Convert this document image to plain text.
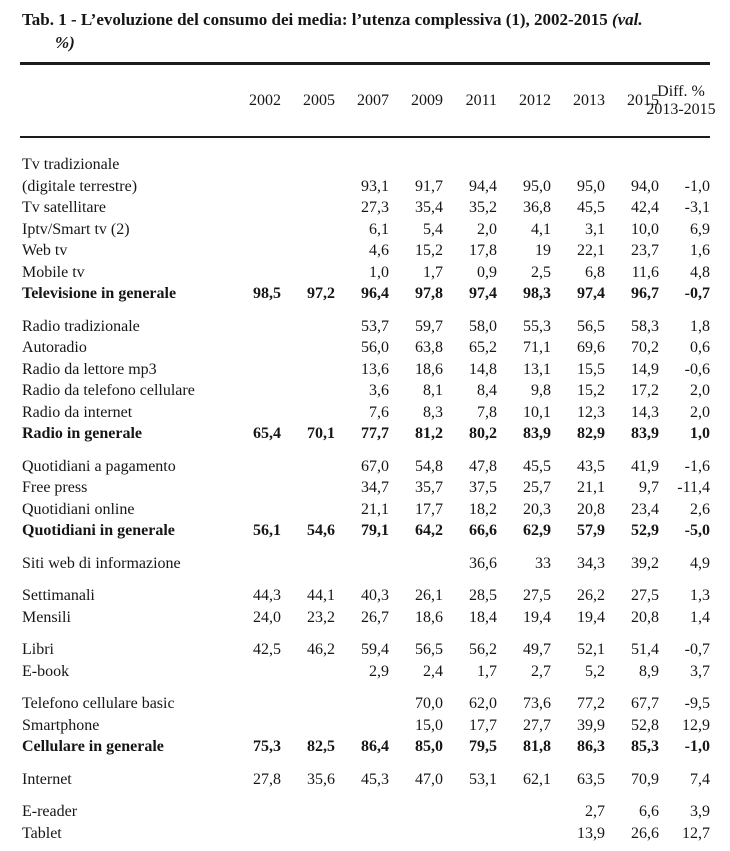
Tab. 1 - L’evoluzione del consumo dei media: l’utenza complessiva (1), 2002-2015 (val.
%)
	2002	2005	2007	2009	2011	2012	2013	2015	Diff. %
2013-2015

Tv tradizionale									
(digitale terrestre)			93,1	91,7	94,4	95,0	95,0	94,0	-1,0
Tv satellitare			27,3	35,4	35,2	36,8	45,5	42,4	-3,1
Iptv/Smart tv (2)			6,1	5,4	2,0	4,1	3,1	10,0	6,9
Web tv			4,6	15,2	17,8	19	22,1	23,7	1,6
Mobile tv			1,0	1,7	0,9	2,5	6,8	11,6	4,8
Televisione in generale	98,5	97,2	96,4	97,8	97,4	98,3	97,4	96,7	-0,7

Radio tradizionale			53,7	59,7	58,0	55,3	56,5	58,3	1,8
Autoradio			56,0	63,8	65,2	71,1	69,6	70,2	0,6
Radio da lettore mp3			13,6	18,6	14,8	13,1	15,5	14,9	-0,6
Radio da telefono cellulare			3,6	8,1	8,4	9,8	15,2	17,2	2,0
Radio da internet			7,6	8,3	7,8	10,1	12,3	14,3	2,0
Radio in generale	65,4	70,1	77,7	81,2	80,2	83,9	82,9	83,9	1,0

Quotidiani a pagamento			67,0	54,8	47,8	45,5	43,5	41,9	-1,6
Free press			34,7	35,7	37,5	25,7	21,1	9,7	-11,4
Quotidiani online			21,1	17,7	18,2	20,3	20,8	23,4	2,6
Quotidiani in generale	56,1	54,6	79,1	64,2	66,6	62,9	57,9	52,9	-5,0

Siti web di informazione					36,6	33	34,3	39,2	4,9

Settimanali	44,3	44,1	40,3	26,1	28,5	27,5	26,2	27,5	1,3
Mensili	24,0	23,2	26,7	18,6	18,4	19,4	19,4	20,8	1,4

Libri	42,5	46,2	59,4	56,5	56,2	49,7	52,1	51,4	-0,7
E-book			2,9	2,4	1,7	2,7	5,2	8,9	3,7

Telefono cellulare basic				70,0	62,0	73,6	77,2	67,7	-9,5
Smartphone				15,0	17,7	27,7	39,9	52,8	12,9
Cellulare in generale	75,3	82,5	86,4	85,0	79,5	81,8	86,3	85,3	-1,0

Internet	27,8	35,6	45,3	47,0	53,1	62,1	63,5	70,9	7,4

E-reader							2,7	6,6	3,9
Tablet							13,9	26,6	12,7
